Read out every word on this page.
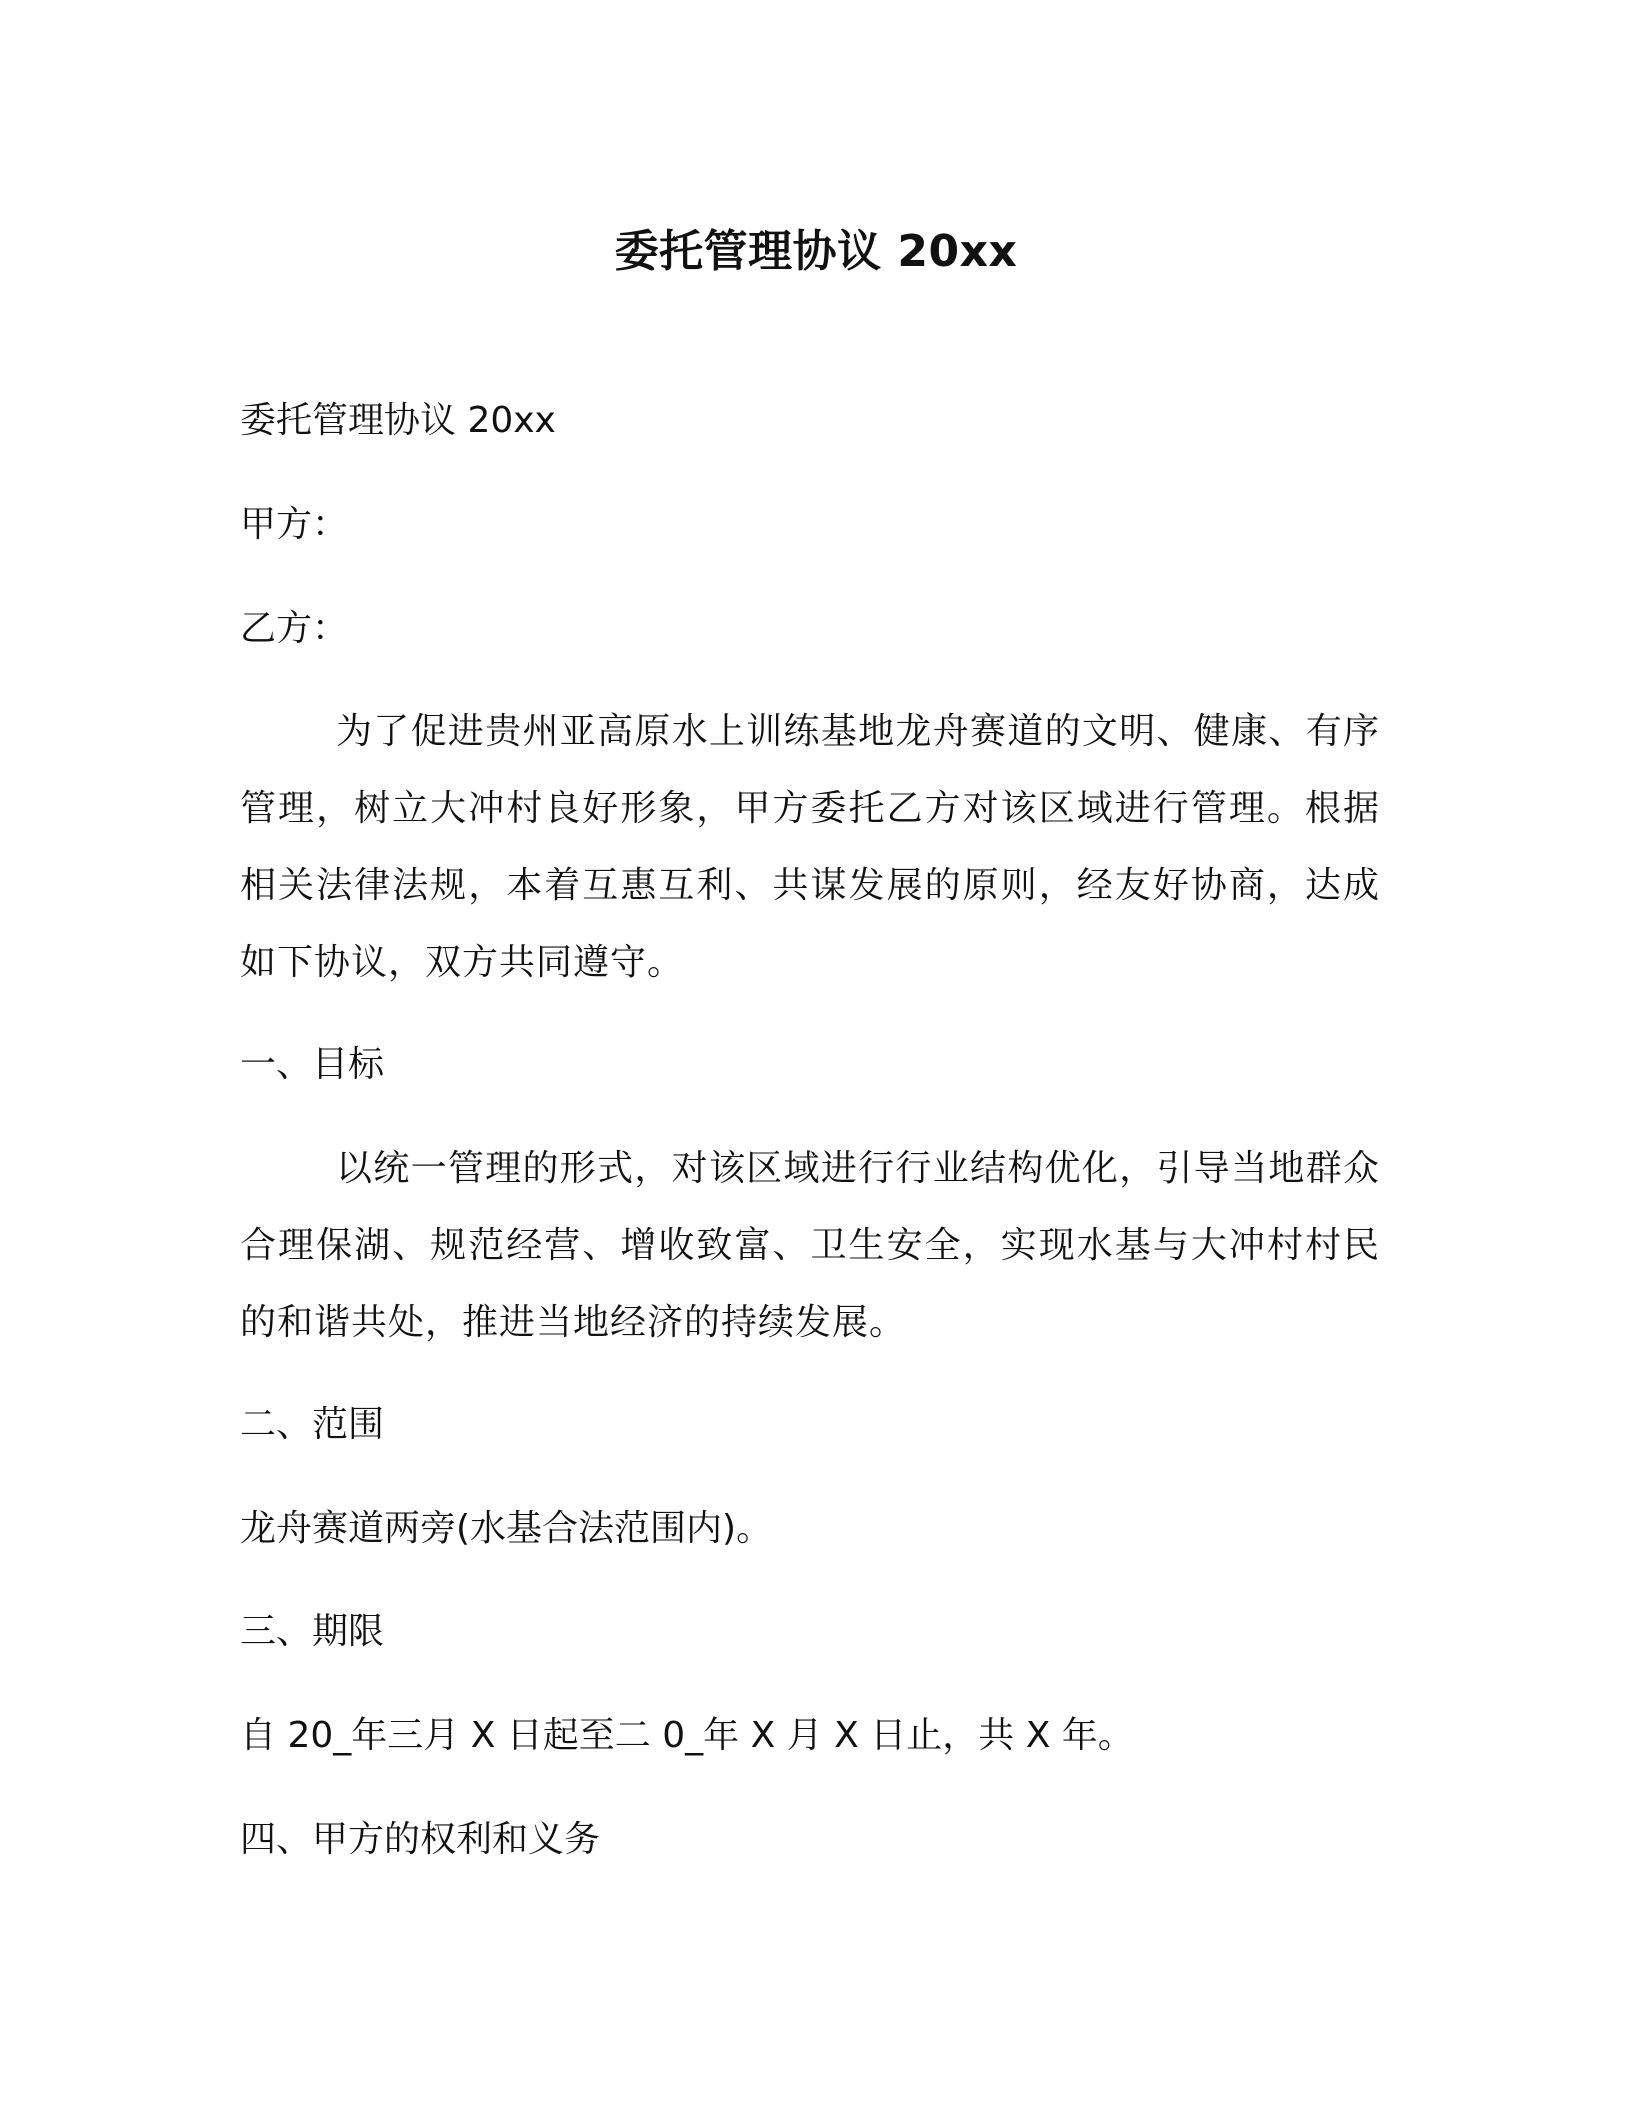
委托管理协议 20xx
委托管理协议 20xx
甲方：
乙方：
为了促进贵州亚高原水上训练基地龙舟赛道的文明、健康、有序管理，树立大冲村良好形象，甲方委托乙方对该区域进行管理。根据相关法律法规，本着互惠互利、共谋发展的原则，经友好协商，达成如下协议，双方共同遵守。
一、目标
以统一管理的形式，对该区域进行行业结构优化，引导当地群众合理保湖、规范经营、增收致富、卫生安全，实现水基与大冲村村民的和谐共处，推进当地经济的持续发展。
二、范围
龙舟赛道两旁(水基合法范围内)。
三、期限
自 20_年三月 X 日起至二 0_年 X 月 X 日止，共 X 年。
四、甲方的权利和义务
